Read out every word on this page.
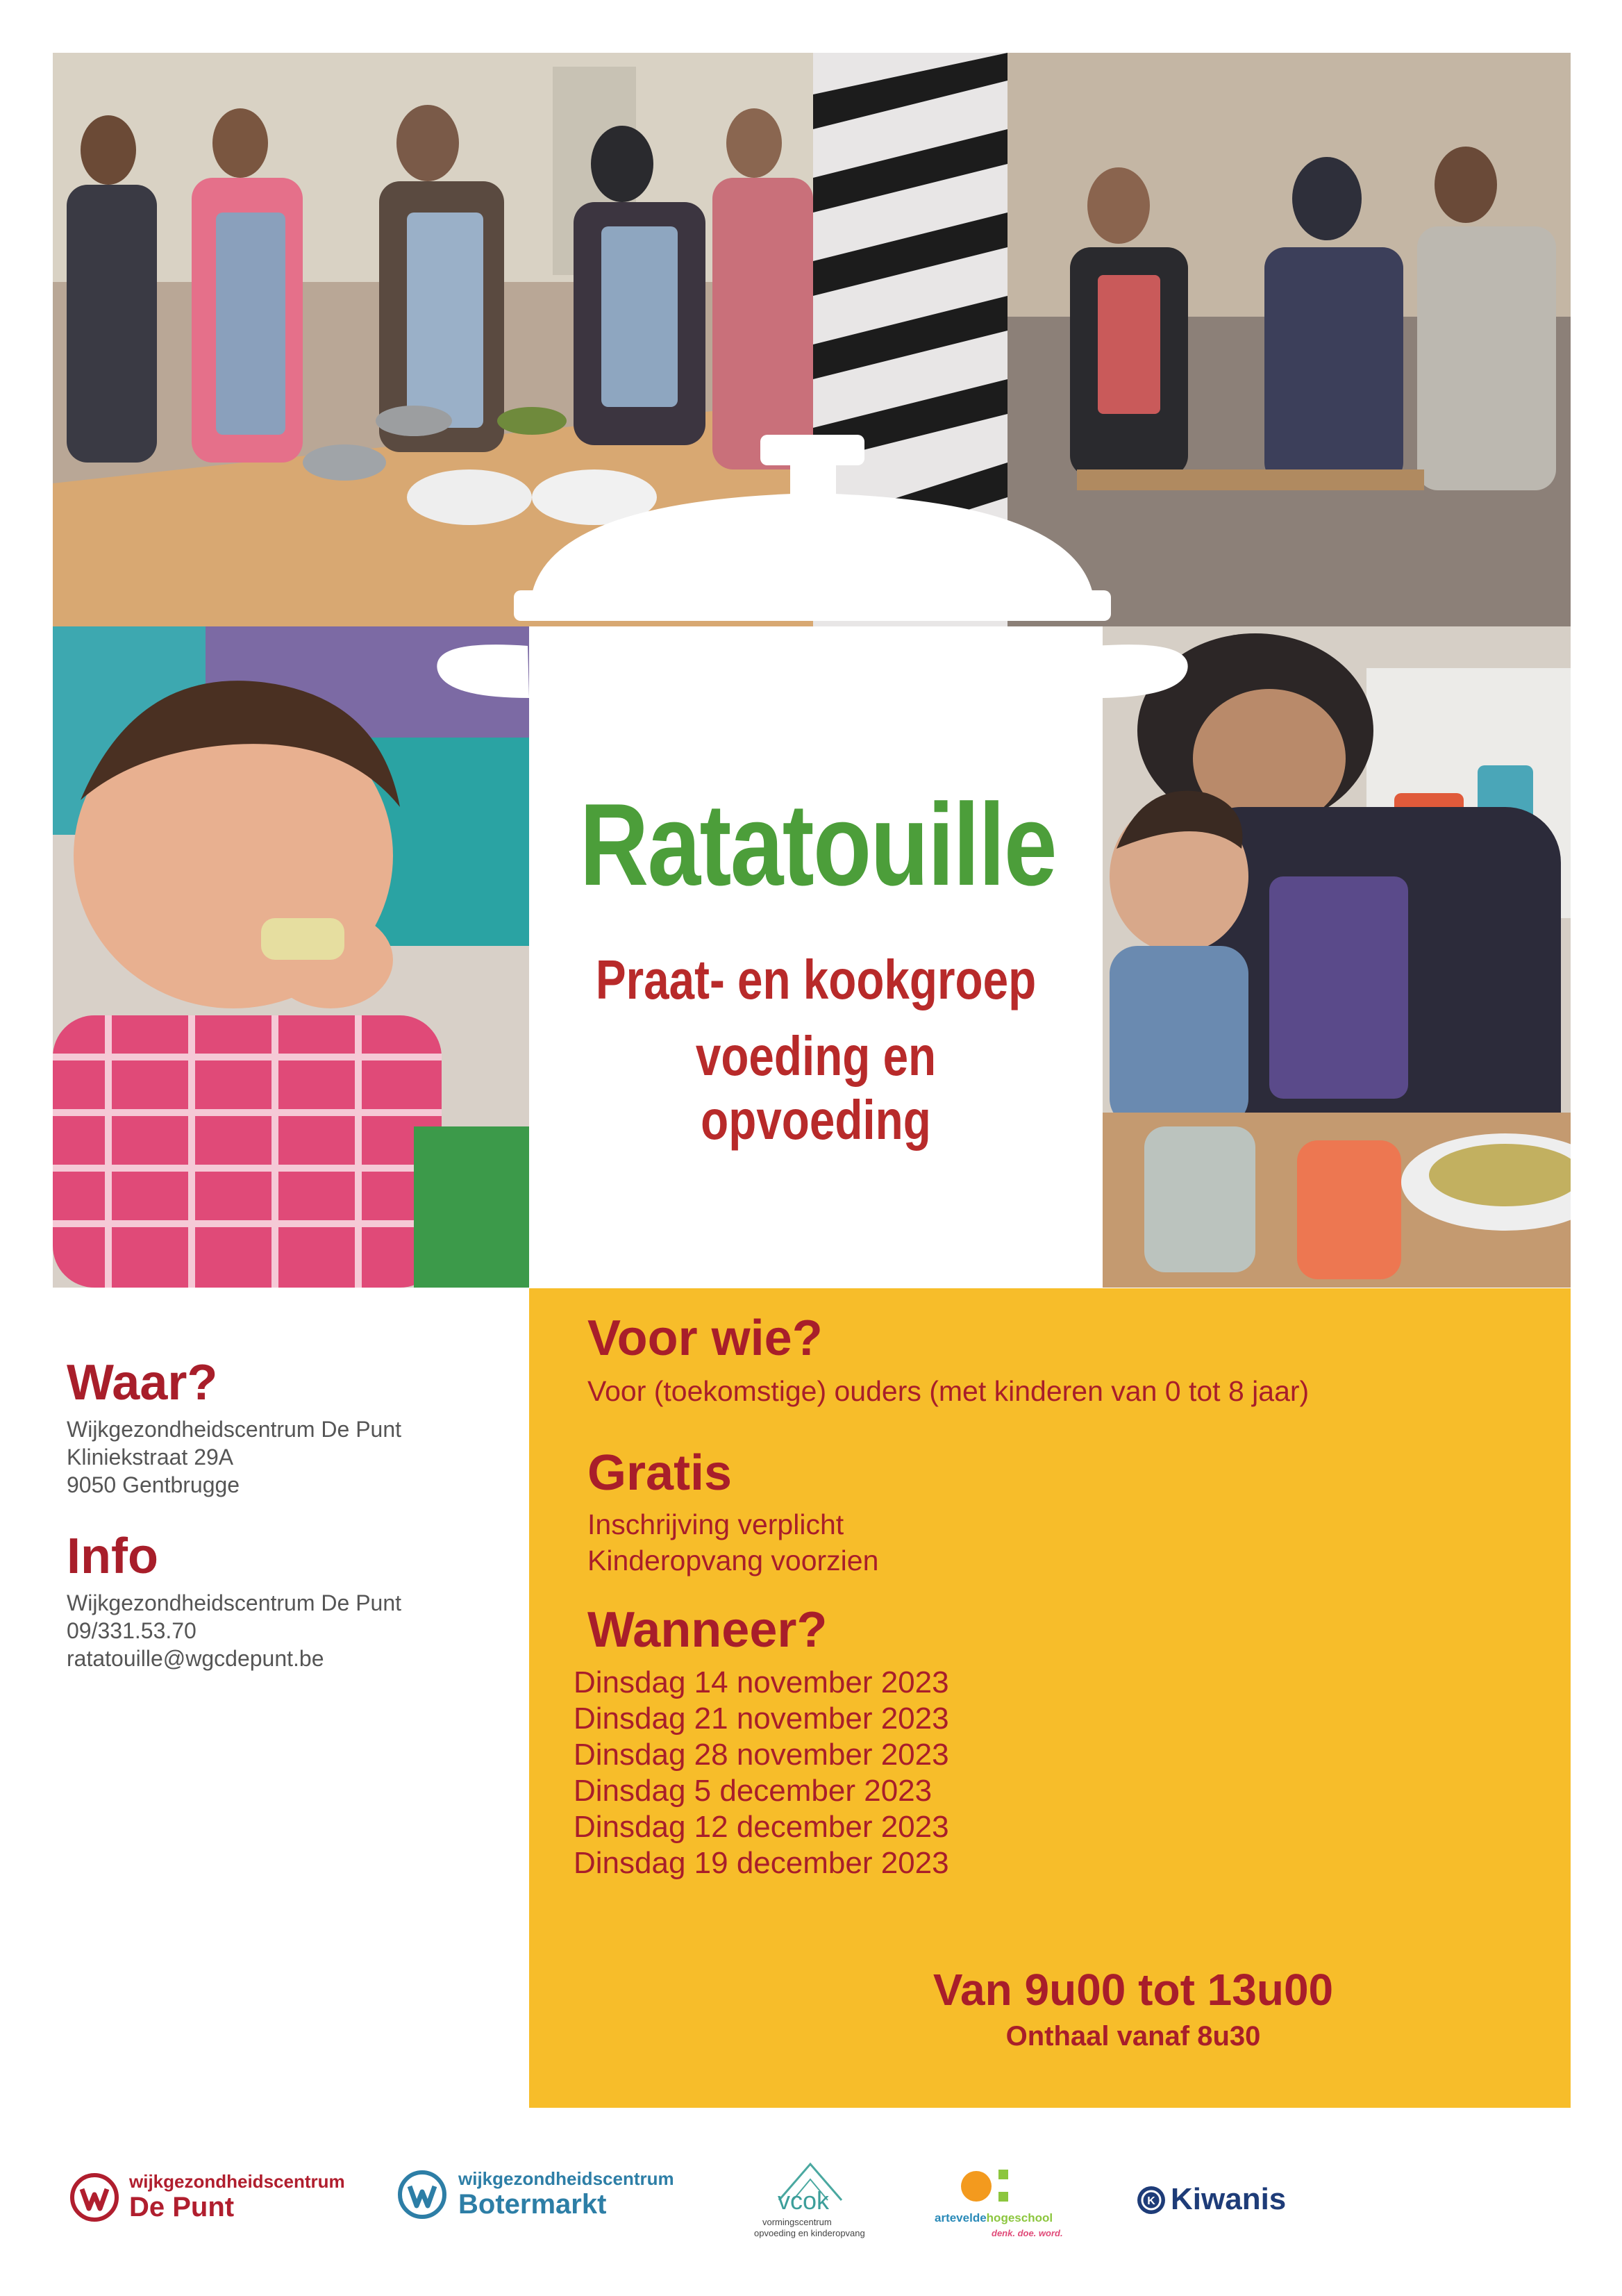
Ratatouille
Praat- en kookgroep
voeding en opvoeding
Voor wie?
Voor (toekomstige) ouders (met kinderen van 0 tot 8 jaar)
Gratis
Inschrijving verplicht
Kinderopvang voorzien
Wanneer?
Dinsdag 14 november 2023
Dinsdag 21 november 2023
Dinsdag 28 november 2023
Dinsdag 5 december 2023
Dinsdag 12 december 2023
Dinsdag 19 december 2023
Van 9u00 tot 13u00
Onthaal vanaf 8u30
Waar?
Wijkgezondheidscentrum De Punt
Kliniekstraat 29A
9050 Gentbrugge
Info
Wijkgezondheidscentrum De Punt
09/331.53.70
ratatouille@wgcdepunt.be
wijkgezondheidscentrum
De Punt
wijkgezondheidscentrum
Botermarkt	vcok
vormingscentrum
opvoeding en kinderopvang
arteveldehogeschool
denk. doe. word.
K Kiwanis
